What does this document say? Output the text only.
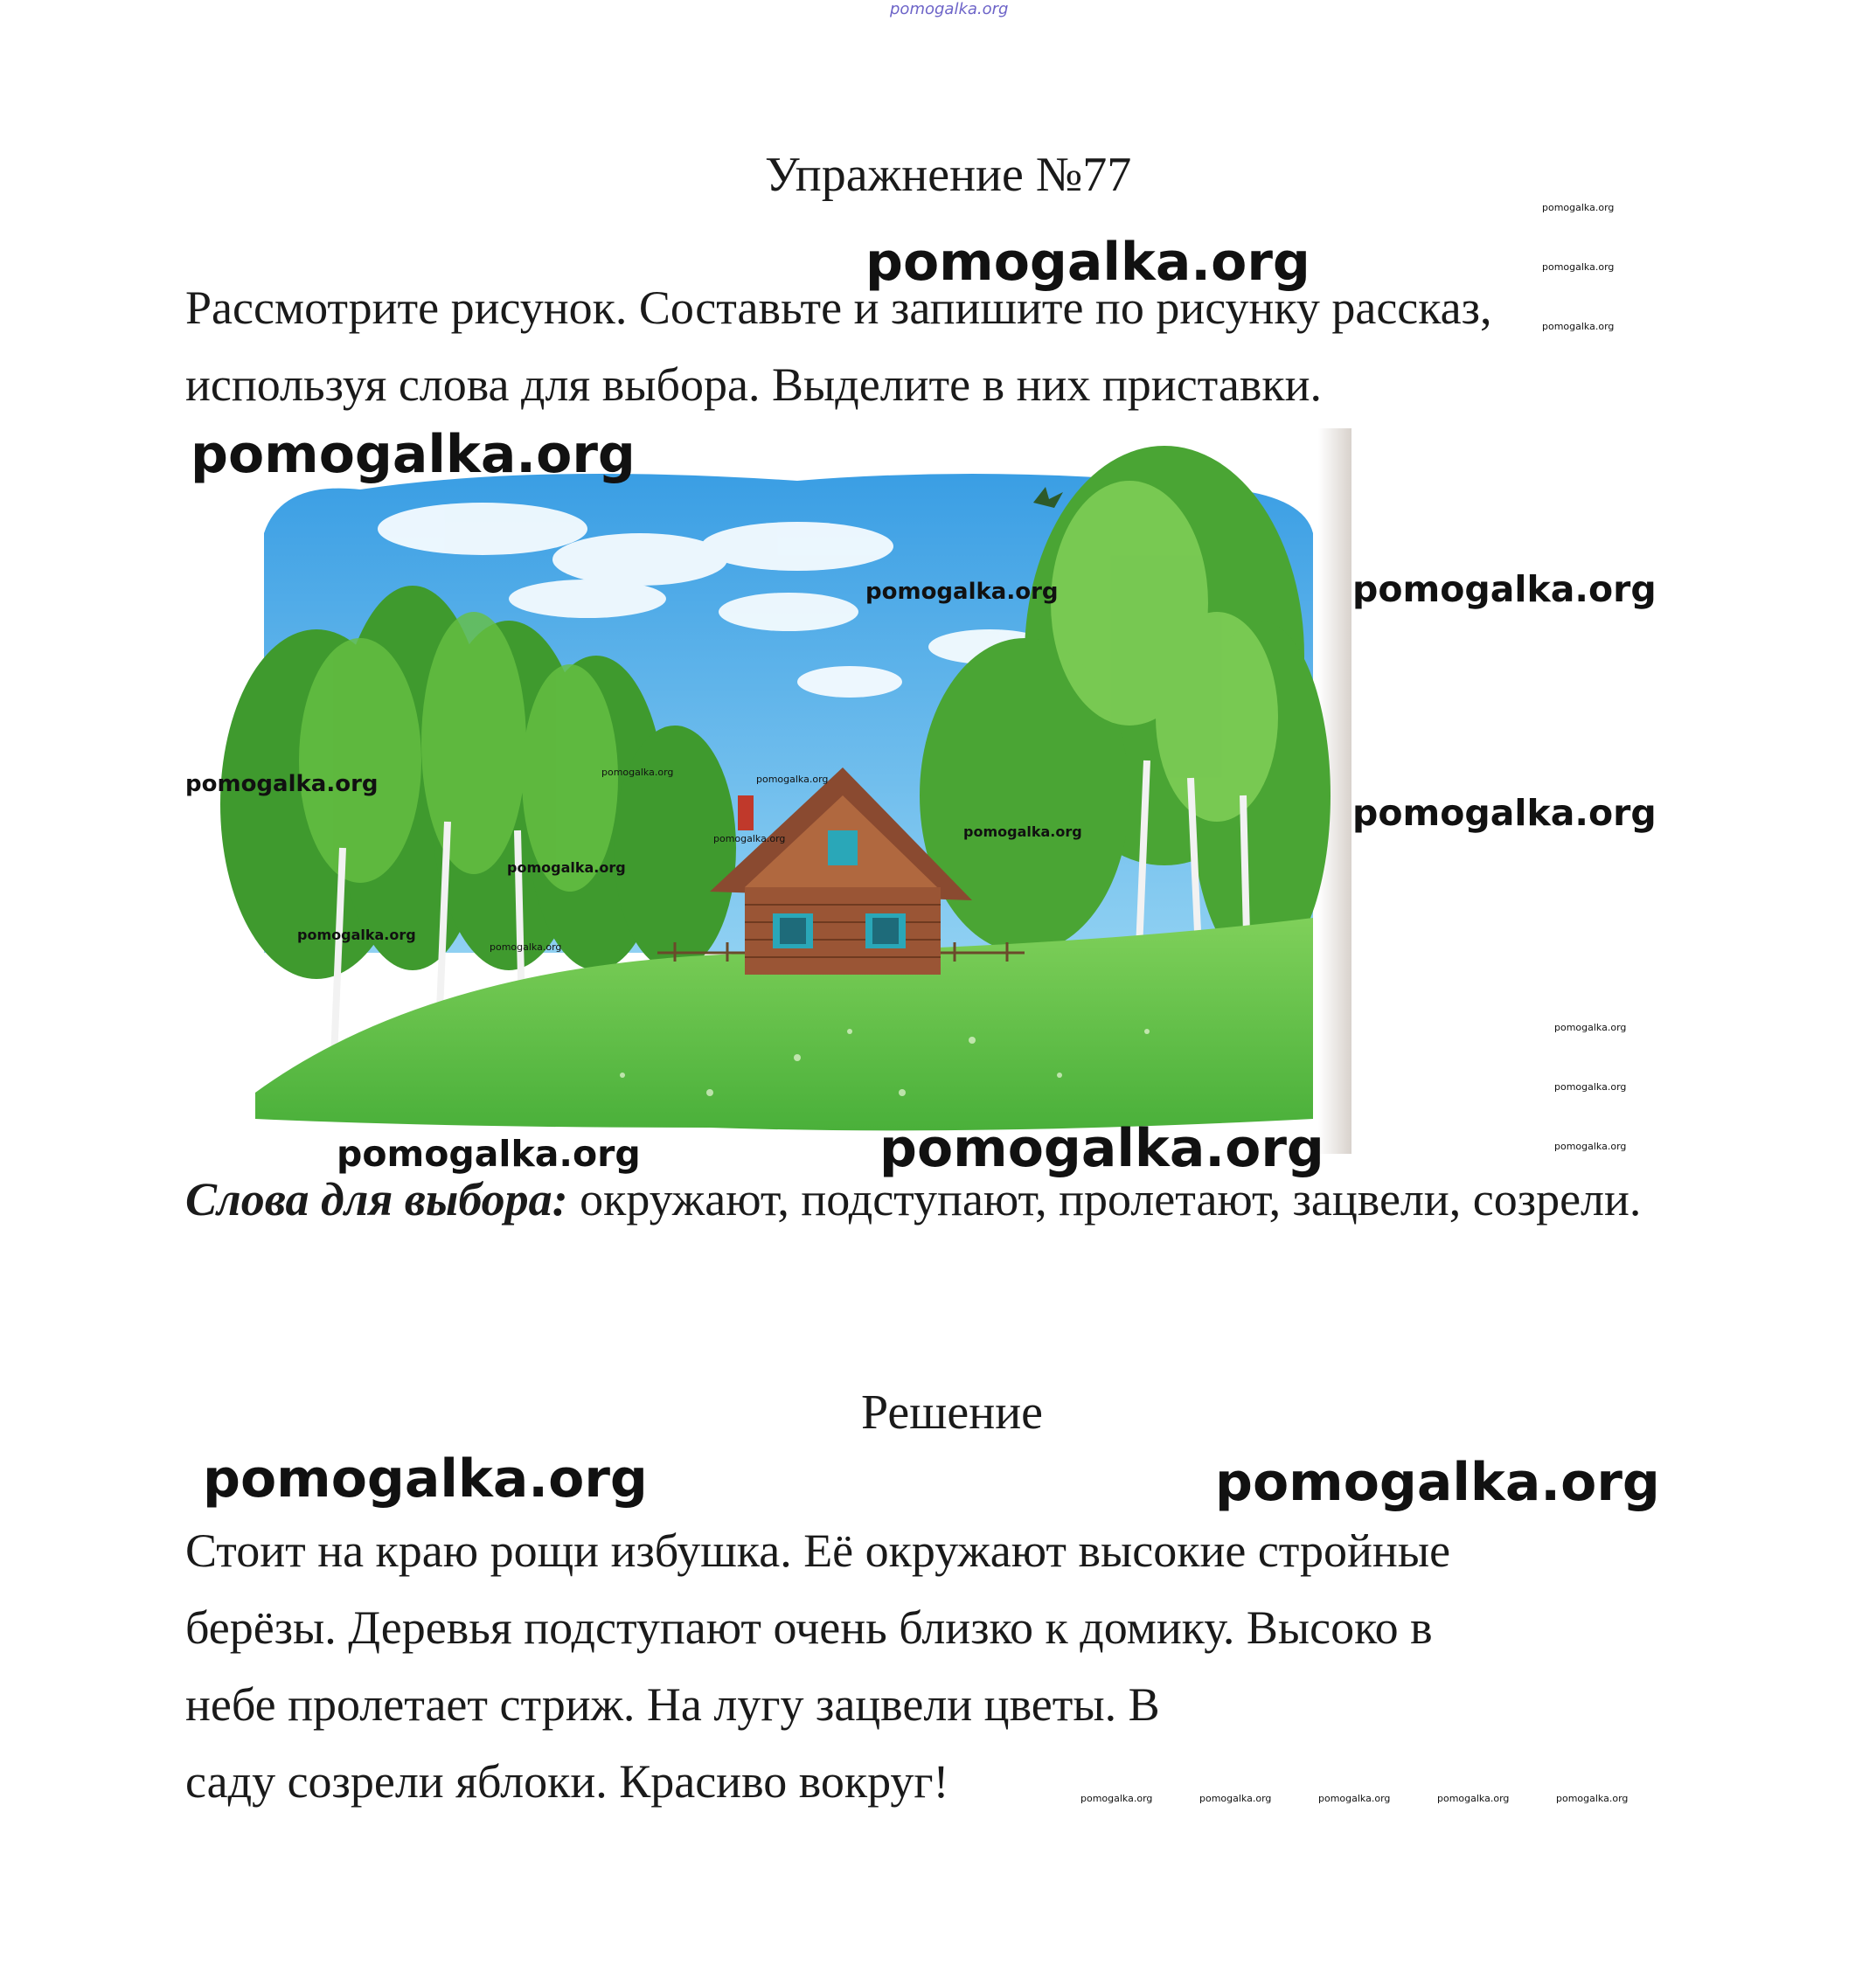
pomogalka.org
Упражнение №77
pomogalka.org
pomogalka.org
pomogalka.org
Рассмотрите рисунок. Составьте и запишите по рисунку рассказ, используя слова для выбора. Выделите в них приставки.
pomogalka.org
pomogalka.org
pomogalka.org	pomogalka.org
pomogalka.org
pomogalka.org	pomogalka.org
pomogalka.org
pomogalka.org	pomogalka.org
pomogalka.org
pomogalka.org
pomogalka.org
pomogalka.org
pomogalka.org
pomogalka.org
pomogalka.org	pomogalka.org
Слова для выбора: окружают, подступают, пролетают, зацвели, созрели.
Решение
pomogalka.org	pomogalka.org
Стоит на краю рощи избушка. Её окружают высокие стройные
берёзы. Деревья подступают очень близко к домику. Высоко в
небе пролетает стриж. На лугу зацвели цветы. В
саду созрели яблоки. Красиво вокруг!	pomogalka.org	pomogalka.org	pomogalka.org	pomogalka.org	pomogalka.org
